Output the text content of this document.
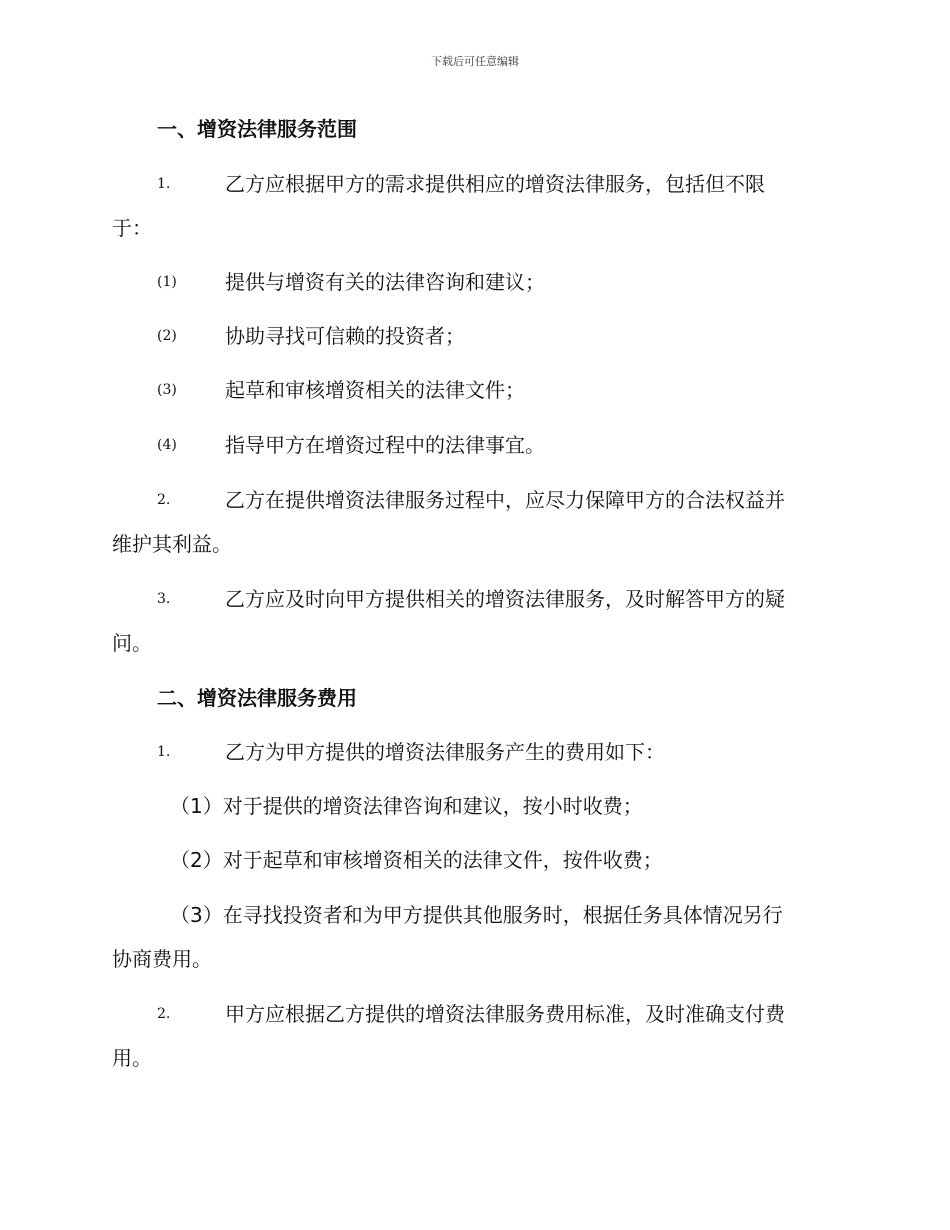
下载后可任意编辑
一、增资法律服务范围
1.	乙方应根据甲方的需求提供相应的增资法律服务，包括但不限
于：
(1) 提供与增资有关的法律咨询和建议；
(2) 协助寻找可信赖的投资者；
(3) 起草和审核增资相关的法律文件；
(4) 指导甲方在增资过程中的法律事宜。
2.	乙方在提供增资法律服务过程中，应尽力保障甲方的合法权益并
维护其利益。
3.	乙方应及时向甲方提供相关的增资法律服务，及时解答甲方的疑
问。
二、增资法律服务费用
1.	乙方为甲方提供的增资法律服务产生的费用如下：
（1）对于提供的增资法律咨询和建议，按小时收费；
（2）对于起草和审核增资相关的法律文件，按件收费；
（3）在寻找投资者和为甲方提供其他服务时，根据任务具体情况另行
协商费用。
2.	甲方应根据乙方提供的增资法律服务费用标准，及时准确支付费
用。
